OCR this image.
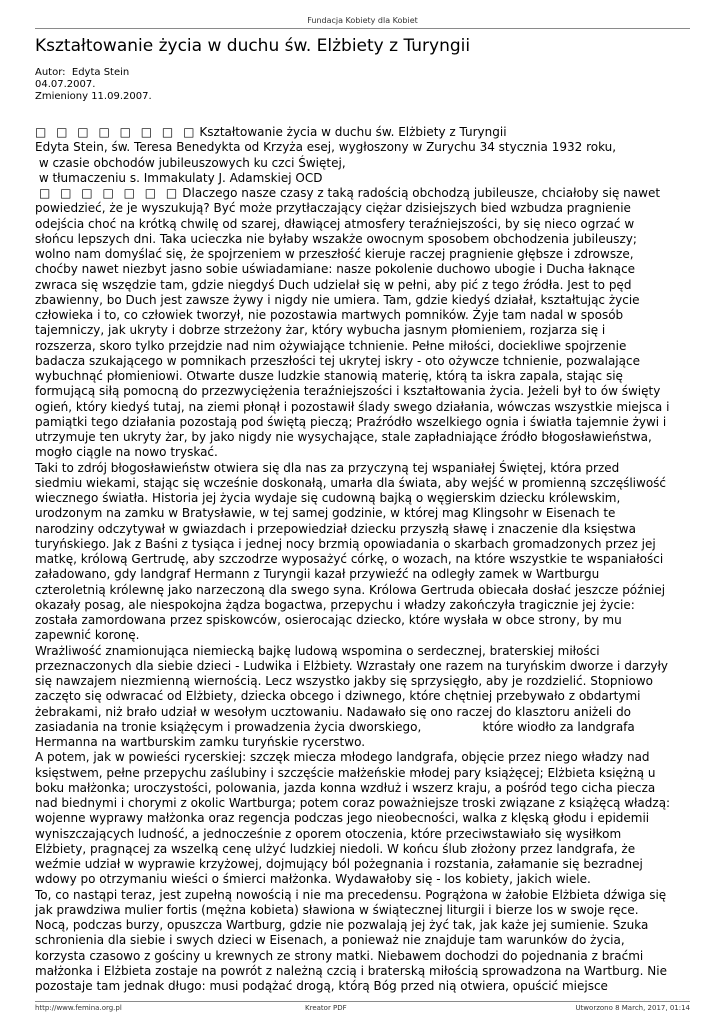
Fundacja Kobiety dla Kobiet
Kształtowanie życia w duchu św. Elżbiety z Turyngii
Autor:  Edyta Stein
04.07.2007.
Zmieniony 11.09.2007.
□ □ □ □ □ □ □ □ Kształtowanie życia w duchu św. Elżbiety z Turyngii
Edyta Stein, św. Teresa Benedykta od Krzyża esej, wygłoszony w Zurychu 34 stycznia 1932 roku,
w czasie obchodów jubileuszowych ku czci Świętej,
w tłumaczeniu s. Immakulaty J. Adamskiej OCD
□ □ □ □ □ □ □ Dlaczego nasze czasy z taką radością obchodzą jubileusze, chciałoby się nawet
powiedzieć, że je wyszukują? Być może przytłaczający ciężar dzisiejszych bied wzbudza pragnienie
odejścia choć na krótką chwilę od szarej, dławiącej atmosfery teraźniejszości, by się nieco ogrzać w
słońcu lepszych dni. Taka ucieczka nie byłaby wszakże owocnym sposobem obchodzenia jubileuszy;
wolno nam domyślać się, że spojrzeniem w przeszłość kieruje raczej pragnienie głębsze i zdrowsze,
choćby nawet niezbyt jasno sobie uświadamiane: nasze pokolenie duchowo ubogie i Ducha łaknące
zwraca się wszędzie tam, gdzie niegdyś Duch udzielał się w pełni, aby pić z tego źródła. Jest to pęd
zbawienny, bo Duch jest zawsze żywy i nigdy nie umiera. Tam, gdzie kiedyś działał, kształtując życie
człowieka i to, co człowiek tworzył, nie pozostawia martwych pomników. Żyje tam nadal w sposób
tajemniczy, jak ukryty i dobrze strzeżony żar, który wybucha jasnym płomieniem, rozjarza się i
rozszerza, skoro tylko przejdzie nad nim ożywiające tchnienie. Pełne miłości, dociekliwe spojrzenie
badacza szukającego w pomnikach przeszłości tej ukrytej iskry - oto ożywcze tchnienie, pozwalające
wybuchnąć płomieniowi. Otwarte dusze ludzkie stanowią materię, którą ta iskra zapala, stając się
formującą siłą pomocną do przezwyciężenia teraźniejszości i kształtowania życia. Jeżeli był to ów święty
ogień, który kiedyś tutaj, na ziemi płonął i pozostawił ślady swego działania, wówczas wszystkie miejsca i
pamiątki tego działania pozostają pod świętą pieczą; Praźródło wszelkiego ognia i światła tajemnie żywi i
utrzymuje ten ukryty żar, by jako nigdy nie wysychające, stale zapładniające źródło błogosławieństwa,
mogło ciągle na nowo tryskać.
Taki to zdrój błogosławieństw otwiera się dla nas za przyczyną tej wspaniałej Świętej, która przed
siedmiu wiekami, stając się wcześnie doskonałą, umarła dla świata, aby wejść w promienną szczęśliwość
wiecznego światła. Historia jej życia wydaje się cudowną bajką o węgierskim dziecku królewskim,
urodzonym na zamku w Bratysławie, w tej samej godzinie, w której mag Klingsohr w Eisenach te
narodziny odczytywał w gwiazdach i przepowiedział dziecku przyszłą sławę i znaczenie dla księstwa
turyńskiego. Jak z Baśni z tysiąca i jednej nocy brzmią opowiadania o skarbach gromadzonych przez jej
matkę, królową Gertrudę, aby szczodrze wyposażyć córkę, o wozach, na które wszystkie te wspaniałości
załadowano, gdy landgraf Hermann z Turyngii kazał przywieźć na odległy zamek w Wartburgu
czteroletnią królewnę jako narzeczoną dla swego syna. Królowa Gertruda obiecała dosłać jeszcze później
okazały posag, ale niespokojna żądza bogactwa, przepychu i władzy zakończyła tragicznie jej życie:
została zamordowana przez spiskowców, osierocając dziecko, które wysłała w obce strony, by mu
zapewnić koronę.
Wrażliwość znamionująca niemiecką bajkę ludową wspomina o serdecznej, braterskiej miłości
przeznaczonych dla siebie dzieci - Ludwika i Elżbiety. Wzrastały one razem na turyńskim dworze i darzyły
się nawzajem niezmienną wiernością. Lecz wszystko jakby się sprzysięgło, aby je rozdzielić. Stopniowo
zaczęto się odwracać od Elżbiety, dziecka obcego i dziwnego, które chętniej przebywało z obdartymi
żebrakami, niż brało udział w wesołym ucztowaniu. Nadawało się ono raczej do klasztoru aniżeli do
zasiadania na tronie książęcym i prowadzenia życia dworskiego,                które wiodło za landgrafa
Hermanna na wartburskim zamku turyńskie rycerstwo.
A potem, jak w powieści rycerskiej: szczęk miecza młodego landgrafa, objęcie przez niego władzy nad
księstwem, pełne przepychu zaślubiny i szczęście małżeńskie młodej pary książęcej; Elżbieta księżną u
boku małżonka; uroczystości, polowania, jazda konna wzdłuż i wszerz kraju, a pośród tego cicha piecza
nad biednymi i chorymi z okolic Wartburga; potem coraz poważniejsze troski związane z książęcą władzą:
wojenne wyprawy małżonka oraz regencja podczas jego nieobecności, walka z klęską głodu i epidemii
wyniszczających ludność, a jednocześnie z oporem otoczenia, które przeciwstawiało się wysiłkom
Elżbiety, pragnącej za wszelką cenę ulżyć ludzkiej niedoli. W końcu ślub złożony przez landgrafa, że
weźmie udział w wyprawie krzyżowej, dojmujący ból pożegnania i rozstania, załamanie się bezradnej
wdowy po otrzymaniu wieści o śmierci małżonka. Wydawałoby się - los kobiety, jakich wiele.
To, co nastąpi teraz, jest zupełną nowością i nie ma precedensu. Pogrążona w żałobie Elżbieta dźwiga się
jak prawdziwa mulier fortis (mężna kobieta) sławiona w świątecznej liturgii i bierze los w swoje ręce.
Nocą, podczas burzy, opuszcza Wartburg, gdzie nie pozwalają jej żyć tak, jak każe jej sumienie. Szuka
schronienia dla siebie i swych dzieci w Eisenach, a ponieważ nie znajduje tam warunków do życia,
korzysta czasowo z gościny u krewnych ze strony matki. Niebawem dochodzi do pojednania z braćmi
małżonka i Elżbieta zostaje na powrót z należną czcią i braterską miłością sprowadzona na Wartburg. Nie
pozostaje tam jednak długo: musi podążać drogą, którą Bóg przed nią otwiera, opuścić miejsce
http://www.femina.org.pl	Kreator PDF	Utworzono 8 March, 2017, 01:14
